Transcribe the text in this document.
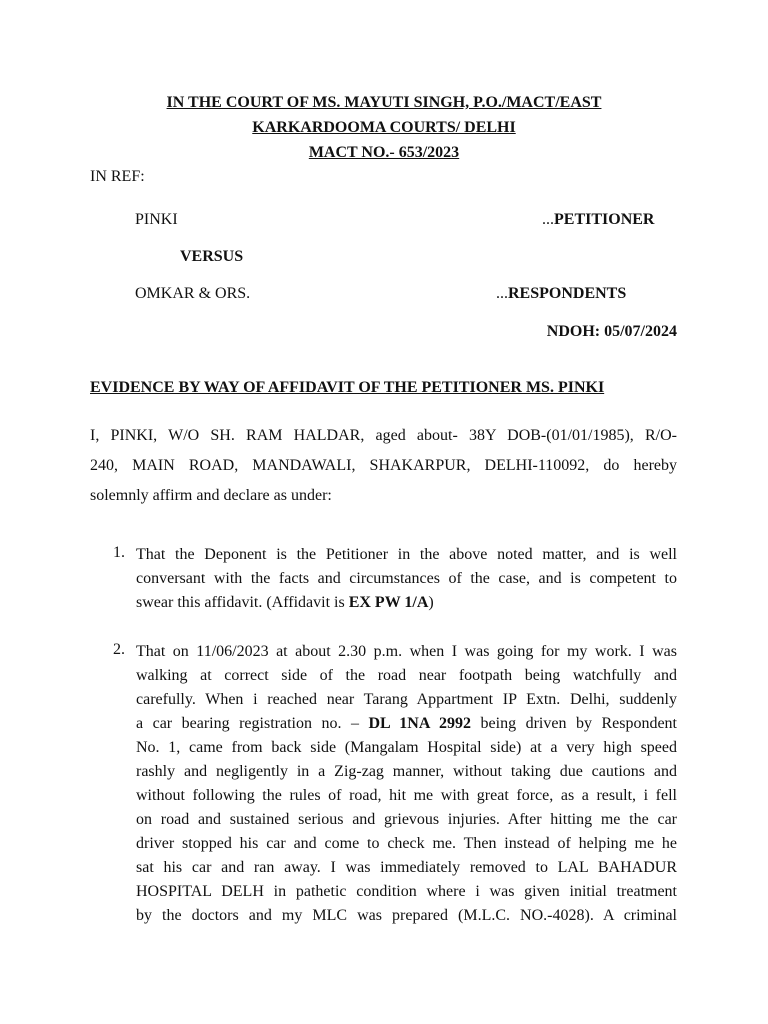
IN THE COURT OF MS. MAYUTI SINGH, P.O./MACT/EAST
KARKARDOOMA COURTS/ DELHI
MACT NO.- 653/2023
IN REF:
PINKI	...PETITIONER
VERSUS
OMKAR & ORS.	...RESPONDENTS
NDOH: 05/07/2024
EVIDENCE BY WAY OF AFFIDAVIT OF THE PETITIONER MS. PINKI
I, PINKI, W/O SH. RAM HALDAR, aged about- 38Y DOB-(01/01/1985), R/O-
240, MAIN ROAD, MANDAWALI, SHAKARPUR, DELHI-110092, do hereby
solemnly affirm and declare as under:
1. That the Deponent is the Petitioner in the above noted matter, and is well
conversant with the facts and circumstances of the case, and is competent to
swear this affidavit. (Affidavit is EX PW 1/A)
2. That on 11/06/2023 at about 2.30 p.m. when I was going for my work. I was
walking at correct side of the road near footpath being watchfully and
carefully. When i reached near Tarang Appartment IP Extn. Delhi, suddenly
a car bearing registration no. – DL 1NA 2992 being driven by Respondent
No. 1, came from back side (Mangalam Hospital side) at a very high speed
rashly and negligently in a Zig-zag manner, without taking due cautions and
without following the rules of road, hit me with great force, as a result, i fell
on road and sustained serious and grievous injuries. After hitting me the car
driver stopped his car and come to check me. Then instead of helping me he
sat his car and ran away. I was immediately removed to LAL BAHADUR
HOSPITAL DELH in pathetic condition where i was given initial treatment
by the doctors and my MLC was prepared (M.L.C. NO.-4028). A criminal
